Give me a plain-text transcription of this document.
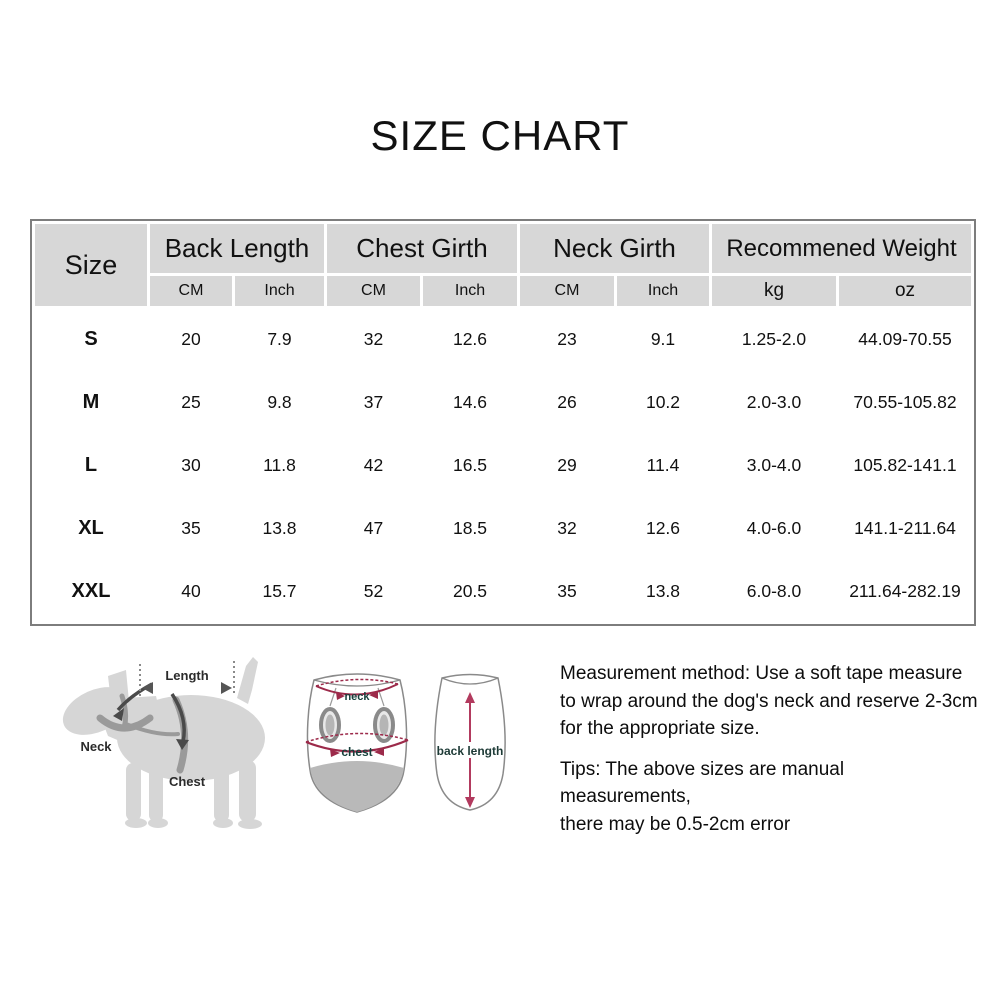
SIZE CHART
Size	Back Length		Chest Girth		Neck Girth		Recommened Weight	
	CM	Inch	CM	Inch	CM	Inch	kg	oz
S	20	7.9	32	12.6	23	9.1	1.25-2.0	44.09-70.55
M	25	9.8	37	14.6	26	10.2	2.0-3.0	70.55-105.82
L	30	11.8	42	16.5	29	11.4	3.0-4.0	105.82-141.1
XL	35	13.8	47	18.5	32	12.6	4.0-6.0	141.1-211.64
XXL	40	15.7	52	20.5	35	13.8	6.0-8.0	211.64-282.19
Length
Neck
Chest
neck
chest	back length
Measurement method: Use a soft tape measure
to wrap around the dog's neck and reserve 2-3cm
for the appropriate size.
Tips: The above sizes are manual measurements,
there may be 0.5-2cm error
